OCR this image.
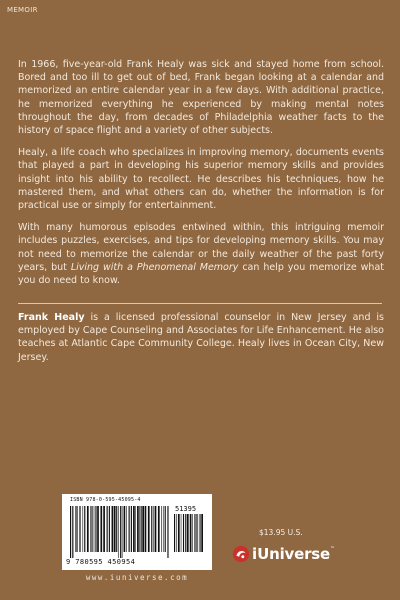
MEMOIR

In 1966, five-year-old Frank Healy was sick and stayed home from school. Bored and too ill to get out of bed, Frank began looking at a calendar and memorized an entire calendar year in a few days. With additional practice, he memorized everything he experienced by making mental notes throughout the day, from decades of Philadelphia weather facts to the history of space flight and a variety of other subjects.

Healy, a life coach who specializes in improving memory, documents events that played a part in developing his superior memory skills and provides insight into his ability to recollect. He describes his techniques, how he mastered them, and what others can do, whether the information is for practical use or simply for entertainment.

With many humorous episodes entwined within, this intriguing memoir includes puzzles, exercises, and tips for developing memory skills. You may not need to memorize the calendar or the daily weather of the past forty years, but Living with a Phenomenal Memory can help you memorize what you do need to know.

Frank Healy is a licensed professional counselor in New Jersey and is employed by Cape Counseling and Associates for Life Enhancement. He also teaches at Atlantic Cape Community College. Healy lives in Ocean City, New Jersey.

ISBN 978-0-595-45095-4
51395
9 780595 450954
www.iuniverse.com
$13.95 U.S.
i Universe ™
